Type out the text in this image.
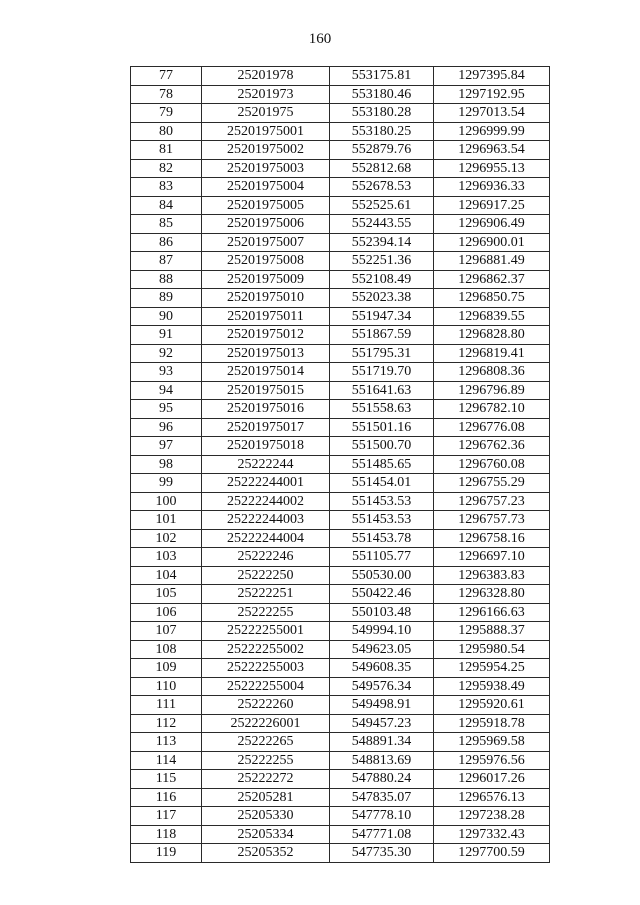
160
77	25201978	553175.81	1297395.84
78	25201973	553180.46	1297192.95
79	25201975	553180.28	1297013.54
80	25201975001	553180.25	1296999.99
81	25201975002	552879.76	1296963.54
82	25201975003	552812.68	1296955.13
83	25201975004	552678.53	1296936.33
84	25201975005	552525.61	1296917.25
85	25201975006	552443.55	1296906.49
86	25201975007	552394.14	1296900.01
87	25201975008	552251.36	1296881.49
88	25201975009	552108.49	1296862.37
89	25201975010	552023.38	1296850.75
90	25201975011	551947.34	1296839.55
91	25201975012	551867.59	1296828.80
92	25201975013	551795.31	1296819.41
93	25201975014	551719.70	1296808.36
94	25201975015	551641.63	1296796.89
95	25201975016	551558.63	1296782.10
96	25201975017	551501.16	1296776.08
97	25201975018	551500.70	1296762.36
98	25222244	551485.65	1296760.08
99	25222244001	551454.01	1296755.29
100	25222244002	551453.53	1296757.23
101	25222244003	551453.53	1296757.73
102	25222244004	551453.78	1296758.16
103	25222246	551105.77	1296697.10
104	25222250	550530.00	1296383.83
105	25222251	550422.46	1296328.80
106	25222255	550103.48	1296166.63
107	25222255001	549994.10	1295888.37
108	25222255002	549623.05	1295980.54
109	25222255003	549608.35	1295954.25
110	25222255004	549576.34	1295938.49
111	25222260	549498.91	1295920.61
112	2522226001	549457.23	1295918.78
113	25222265	548891.34	1295969.58
114	25222255	548813.69	1295976.56
115	25222272	547880.24	1296017.26
116	25205281	547835.07	1296576.13
117	25205330	547778.10	1297238.28
118	25205334	547771.08	1297332.43
119	25205352	547735.30	1297700.59
